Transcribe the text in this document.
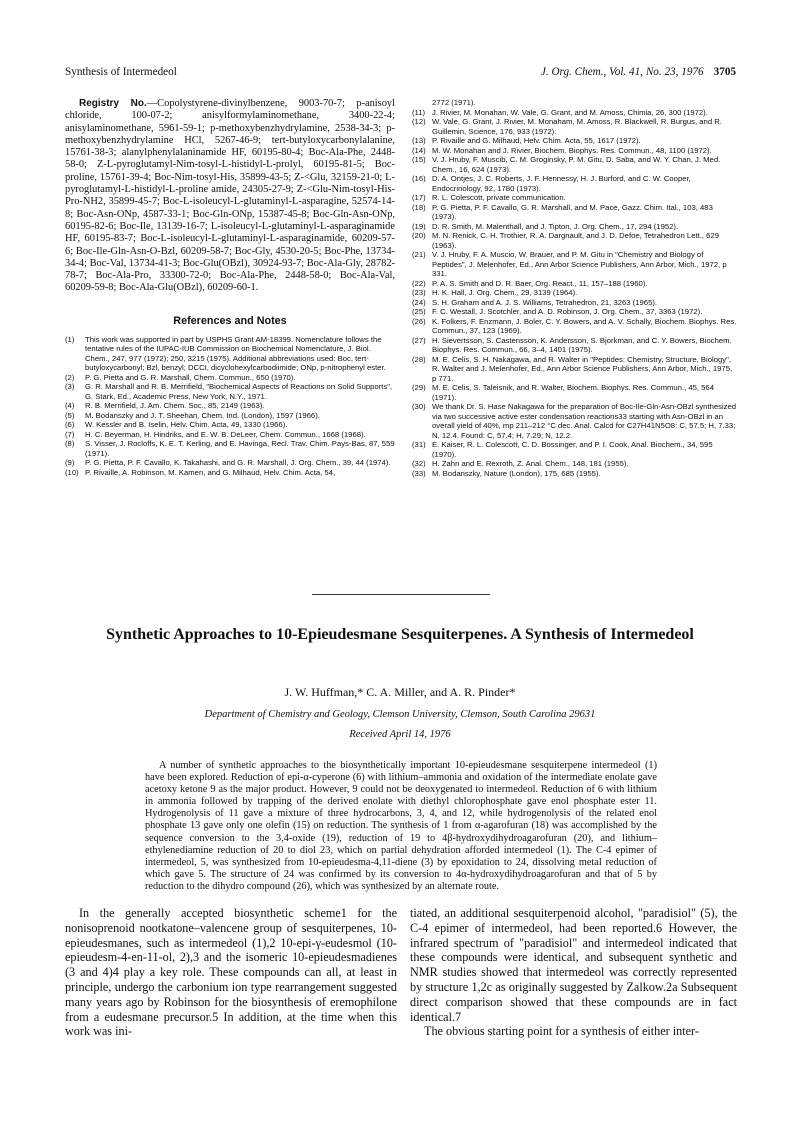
Synthesis of Intermedeol	J. Org. Chem., Vol. 41, No. 23, 1976 3705

Registry No.—Copolystyrene-divinylbenzene, 9003-70-7; p-anisoyl chloride, 100-07-2; anisylformylaminomethane, 3400-22-4; anisylaminomethane, 5961-59-1; p-methoxybenzhydrylamine, 2538-34-3; p-methoxybenzhydrylamine HCl, 5267-46-9; tert-butyloxycarbonylalanine, 15761-38-3; alanylphenylalaninamide HF, 60195-80-4; Boc-Ala-Phe, 2448-58-0; Z-L-pyroglutamyl-Nim-tosyl-L-histidyl-L-prolyl, 60195-81-5; Boc-proline, 15761-39-4; Boc-Nim-tosyl-His, 35899-43-5; Z-<Glu, 32159-21-0; L-pyroglutamyl-L-histidyl-L-proline amide, 24305-27-9; Z-<Glu-Nim-tosyl-His-Pro-NH2, 35899-45-7; Boc-L-isoleucyl-L-glutaminyl-L-asparagine, 52574-14-8; Boc-Asn-ONp, 4587-33-1; Boc-Gln-ONp, 15387-45-8; Boc-Gln-Asn-ONp, 60195-82-6; Boc-Ile, 13139-16-7; L-isoleucyl-L-glutaminyl-L-asparaginamide HF, 60195-83-7; Boc-L-isoleucyl-L-glutaminyl-L-asparaginamide, 60209-57-6; Boc-Ile-Gln-Asn-O-Bzl, 60209-58-7; Boc-Gly, 4530-20-5; Boc-Phe, 13734-34-4; Boc-Val, 13734-41-3; Boc-Glu(OBzl), 30924-93-7; Boc-Ala-Gly, 28782-78-7; Boc-Ala-Pro, 33300-72-0; Boc-Ala-Phe, 2448-58-0; Boc-Ala-Val, 60209-59-8; Boc-Ala-Glu(OBzl), 60209-60-1.

References and Notes
(1) This work was supported in part by USPHS Grant AM-18399. Nomenclature follows the tentative rules of the IUPAC-IUB Commission on Biochemical Nomenclature, J. Biol. Chem., 247, 977 (1972); 250, 3215 (1975). Additional abbreviations used: Boc, tert-butyloxycarbonyl; Bzl, benzyl; DCCI, dicyclohexylcarbodiimide; ONp, p-nitrophenyl ester.
(2) P. G. Pietta and G. R. Marshall, Chem. Commun., 650 (1970).
(3) G. R. Marshall and R. B. Merrifield, "Biochemical Aspects of Reactions on Solid Supports", G. Stark, Ed., Academic Press, New York, N.Y., 1971.
(4) R. B. Merrifield, J. Am. Chem. Soc., 85, 2149 (1963).
(5) M. Bodanszky and J. T. Sheehan, Chem. Ind. (London), 1597 (1966).
(6) W. Kessler and B. Iselin, Helv. Chim. Acta, 49, 1330 (1966).
(7) H. C. Beyerman, H. Hindriks, and E. W. B. DeLeer, Chem. Commun., 1668 (1968).
(8) S. Visser, J. Rocloffs, K. E. T. Kerling, and E. Havinga, Recl. Trav. Chim. Pays-Bas, 87, 559 (1971).
(9) P. G. Pietta, P. F. Cavallo, K. Takahashi, and G. R. Marshall, J. Org. Chem., 39, 44 (1974).
(10) P. Rivaille, A. Robinson, M. Kamen, and G. Milhaud, Helv. Chim. Acta, 54,
2772 (1971).
(11) J. Rivier, M. Monahan, W. Vale, G. Grant, and M. Amoss, Chimia, 26, 300 (1972).
(12) W. Vale, G. Grant, J. Rivier, M. Monaham, M. Amoss, R. Blackwell, R. Burgus, and R. Guillemin, Science, 176, 933 (1972).
(13) P. Rivaille and G. Milhaud, Helv. Chim. Acta, 55, 1617 (1972).
(14) M. W. Monahan and J. Rivier, Biochem. Biophys. Res. Commun., 48, 1100 (1972).
(15) V. J. Hruby, F. Muscib, C. M. Groginsky, P. M. Gitu, D. Saba, and W. Y. Chan, J. Med. Chem., 16, 624 (1973).
(16) D. A. Ontjes, J. C. Roberts, J. F. Hennessy, H. J. Burford, and C. W. Cooper, Endocrinology, 92, 1780 (1973).
(17) R. L. Colescott, private communication.
(18) P. G. Pietta, P. F. Cavallo, G. R. Marshall, and M. Pace, Gazz. Chim. Ital., 103, 483 (1973).
(19) D. R. Smith, M. Malenthall, and J. Tipton, J. Org. Chem., 17, 294 (1952).
(20) M. N. Renick, C. H. Trothier, R. A. Dargnault, and J. D. Defoe, Tetrahedron Lett., 629 (1963).
(21) V. J. Hruby, F. A. Muscio, W. Brauer, and P. M. Gitu in "Chemistry and Biology of Peptides", J. Melenhofer, Ed., Ann Arbor Science Publishers, Ann Arbor, Mich., 1972, p 331.
(22) P. A. S. Smith and D. R. Baer, Org. React., 11, 157–188 (1960).
(23) H. K. Hall, J. Org. Chem., 29, 3139 (1964).
(24) S. H. Graham and A. J. S. Williams, Tetrahedron, 21, 3263 (1965).
(25) F. C. Westall, J. Scotchler, and A. D. Robinson, J. Org. Chem., 37, 3363 (1972).
(26) K. Folkers, F. Enzmann, J. Boler, C. Y. Bowers, and A. V. Schally, Biochem. Biophys. Res. Commun., 37, 123 (1969).
(27) H. Sievertsson, S. Castensson, K. Andersson, S. Bjorkman, and C. Y. Bowers, Biochem. Biophys. Res. Commun., 66, 3–4, 1401 (1975).
(28) M. E. Celis, S. H. Nakagawa, and R. Walter in "Peptides: Chemistry, Structure, Biology", R. Walter and J. Melenhofer, Ed., Ann Arbor Science Publishers, Ann Arbor, Mich., 1975, p 771.
(29) M. E. Celis, S. Taleisnik, and R. Walter, Biochem. Biophys. Res. Commun., 45, 564 (1971).
(30) We thank Dr. S. Hase Nakagawa for the preparation of Boc-Ile-Gln-Asn-OBzl synthesized via two successive active ester condensation reactions33 starting with Asn-OBzl in an overall yield of 40%, mp 211–212 °C dec. Anal. Calcd for C27H41N5O8: C, 57.5; H, 7.33; N, 12.4. Found: C, 57.4; H, 7.29; N, 12.2.
(31) E. Kaiser, R. L. Colescott, C. D. Bossinger, and P. I. Cook, Anal. Biochem., 34, 595 (1970).
(32) H. Zahn and E. Rexroth, Z. Anal. Chem., 148, 181 (1955).
(33) M. Bodanszky, Nature (London), 175, 685 (1955).
Synthetic Approaches to 10-Epieudesmane Sesquiterpenes. A Synthesis of Intermedeol

J. W. Huffman,* C. A. Miller, and A. R. Pinder*

Department of Chemistry and Geology, Clemson University, Clemson, South Carolina 29631

Received April 14, 1976

A number of synthetic approaches to the biosynthetically important 10-epieudesmane sesquiterpene intermedeol (1) have been explored. Reduction of epi-α-cyperone (6) with lithium–ammonia and oxidation of the intermediate enolate gave acetoxy ketone 9 as the major product. However, 9 could not be deoxygenated to intermedeol. Reduction of 6 with lithium in ammonia followed by trapping of the derived enolate with diethyl chlorophosphate gave enol phosphate ester 11. Hydrogenolysis of 11 gave a mixture of three hydrocarbons, 3, 4, and 12, while hydrogenolysis of the related enol phosphate 13 gave only one olefin (15) on reduction. The synthesis of 1 from α-agarofuran (18) was accomplished by the sequence conversion to the 3,4-oxide (19), reduction of 19 to 4β-hydroxydihydroagarofuran (20), and lithium–ethylenediamine reduction of 20 to diol 23, which on partial dehydration afforded intermedeol (1). The C-4 epimer of intermedeol, 5, was synthesized from 10-epieudesma-4,11-diene (3) by epoxidation to 24, dissolving metal reduction of which gave 5. The structure of 24 was confirmed by its conversion to 4α-hydroxydihydroagarofuran and that of 5 by reduction to the dihydro compound (26), which was synthesized by an alternate route.

In the generally accepted biosynthetic scheme1 for the nonisoprenoid nootkatone–valencene group of sesquiterpenes, 10-epieudesmanes, such as intermedeol (1),2 10-epi-γ-eudesmol (10-epieudesm-4-en-11-ol, 2),3 and the isomeric 10-epieudesmadienes (3 and 4)4 play a key role. These compounds can all, at least in principle, undergo the carbonium ion type rearrangement suggested many years ago by Robinson for the biosynthesis of eremophilone from a eudesmane precursor.5 In addition, at the time when this work was ini-

tiated, an additional sesquiterpenoid alcohol, "paradisiol" (5), the C-4 epimer of intermedeol, had been reported.6 However, the infrared spectrum of "paradisiol" and intermedeol indicated that these compounds were identical, and subsequent synthetic and NMR studies showed that intermedeol was correctly represented by structure 1,2c as originally suggested by Zalkow.2a Subsequent direct comparison showed that these compounds are in fact identical.7

The obvious starting point for a synthesis of either inter-
